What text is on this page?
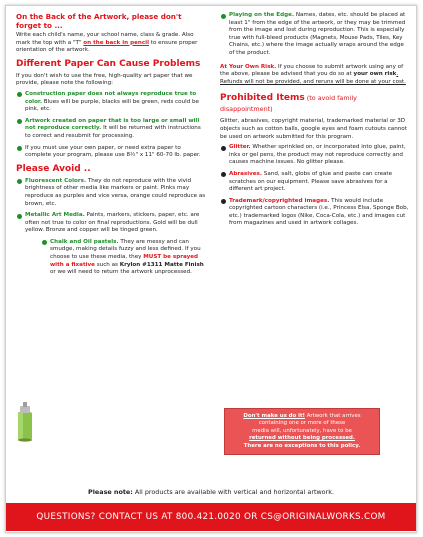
On the Back of the Artwork, please don't forget to ...
Write each child's name, your school name, class & grade. Also mark the top with a "T" on the back in pencil to ensure proper orientation of the artwork.
Different Paper Can Cause Problems
If you don't wish to use the free, high-quality art paper that we provide, please note the following:
Construction paper does not always reproduce true to color. Blues will be purple, blacks will be green, reds could be pink, etc.
Artwork created on paper that is too large or small will not reproduce correctly. It will be returned with instructions to correct and resubmit for processing.
If you must use your own paper, or need extra paper to complete your program, please use 8½" x 11" 60-70 lb. paper.
Please Avoid ..
Fluorescent Colors. They do not reproduce with the vivid brightness of other media like markers or paint. Pinks may reproduce as purples and vice versa, orange could reproduce as brown, etc.
Metallic Art Media. Paints, markers, stickers, paper, etc. are often not true to color on final reproductions. Gold will be dull yellow. Bronze and copper will be tinged green.
Chalk and Oil pastels. They are messy and can smudge, making details fuzzy and less defined. If you choose to use these media, they MUST be sprayed with a fixative such as Krylon #1311 Matte Finish or we will need to return the artwork unprocessed.
Playing on the Edge. Names, dates, etc. should be placed at least 1" from the edge of the artwork, or they may be trimmed from the image and lost during reproduction. This is especially true with full-bleed products (Magnets, Mouse Pads, Tiles, Key Chains, etc.) where the image actually wraps around the edge of the product.
At Your Own Risk. If you choose to submit artwork using any of the above, please be advised that you do so at your own risk. Refunds will not be provided, and reruns will be done at your cost.
Prohibited Items (to avoid family disappointment)
Glitter, abrasives, copyright material, trademarked material or 3D objects such as cotton balls, google eyes and foam cutouts cannot be used on artwork submitted for this program.
Glitter. Whether sprinkled on, or incorporated into glue, paint, inks or gel pens, the product may not reproduce correctly and causes machine issues. No glitter please.
Abrasives. Sand, salt, globs of glue and paste can create scratches on our equipment. Please save abrasives for a different art project.
Trademark/copyrighted images. This would include copyrighted cartoon characters (i.e., Princess Elsa, Sponge Bob, etc.) trademarked logos (Nike, Coca-Cola, etc.) and images cut from magazines and used in artwork collages.
Don't make us do it! Artwork that arrives
containing one or more of these
media will, unfortunately, have to be
returned without being processed.
There are no exceptions to this policy.
Please note: All products are available with vertical and horizontal artwork.
QUESTIONS? CONTACT US AT 800.421.0020 OR CS@ORIGINALWORKS.COM
